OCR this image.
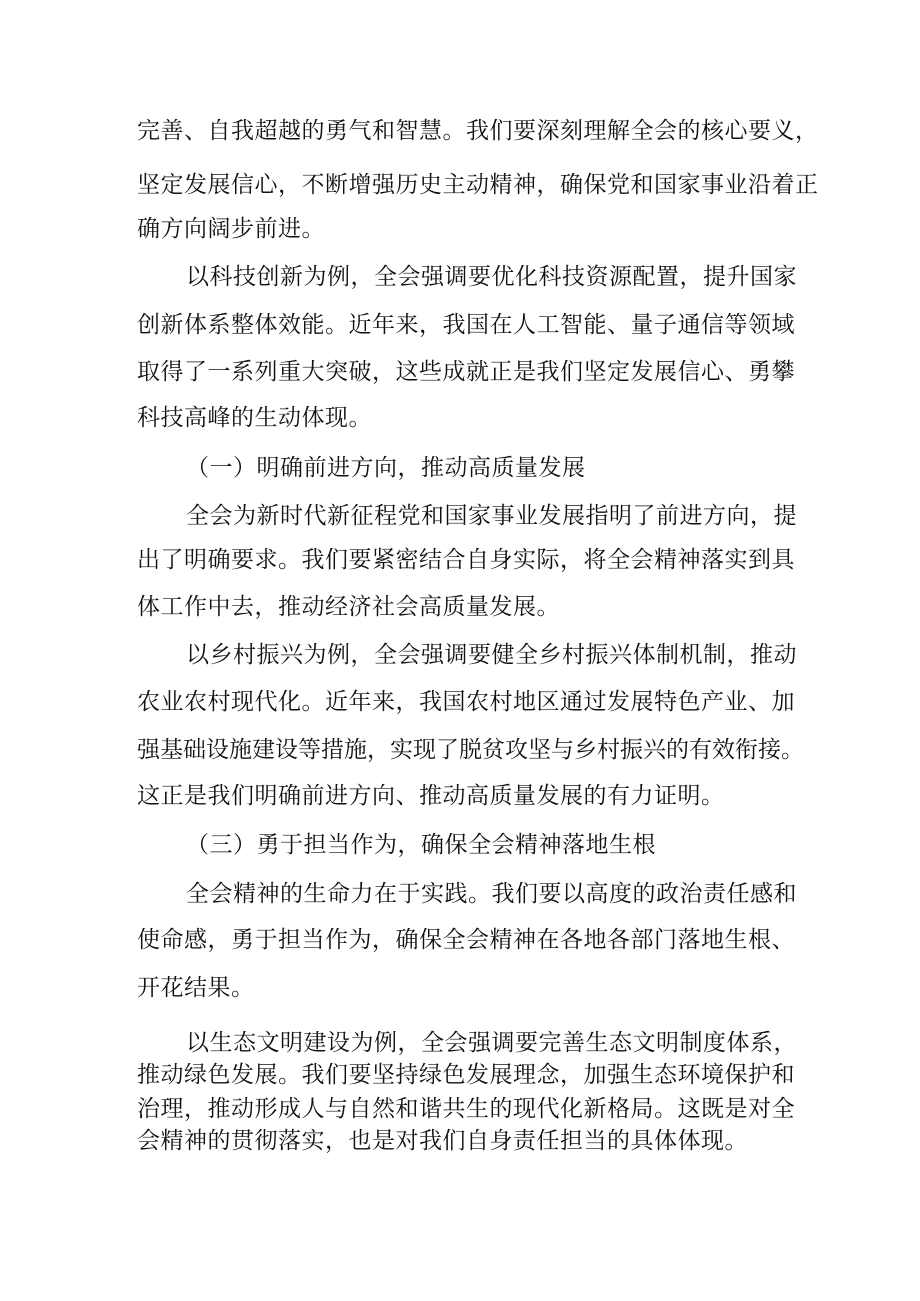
完善、自我超越的勇气和智慧。我们要深刻理解全会的核心要义，
坚定发展信心，不断增强历史主动精神，确保党和国家事业沿着正
确方向阔步前进。
以科技创新为例，全会强调要优化科技资源配置，提升国家
创新体系整体效能。近年来，我国在人工智能、量子通信等领域
取得了一系列重大突破，这些成就正是我们坚定发展信心、勇攀
科技高峰的生动体现。
（一）明确前进方向，推动高质量发展
全会为新时代新征程党和国家事业发展指明了前进方向，提
出了明确要求。我们要紧密结合自身实际，将全会精神落实到具
体工作中去，推动经济社会高质量发展。
以乡村振兴为例，全会强调要健全乡村振兴体制机制，推动
农业农村现代化。近年来，我国农村地区通过发展特色产业、加
强基础设施建设等措施，实现了脱贫攻坚与乡村振兴的有效衔接。
这正是我们明确前进方向、推动高质量发展的有力证明。
（三）勇于担当作为，确保全会精神落地生根
全会精神的生命力在于实践。我们要以高度的政治责任感和
使命感，勇于担当作为，确保全会精神在各地各部门落地生根、
开花结果。
以生态文明建设为例，全会强调要完善生态文明制度体系，
推动绿色发展。我们要坚持绿色发展理念，加强生态环境保护和
治理，推动形成人与自然和谐共生的现代化新格局。这既是对全
会精神的贯彻落实，也是对我们自身责任担当的具体体现。
